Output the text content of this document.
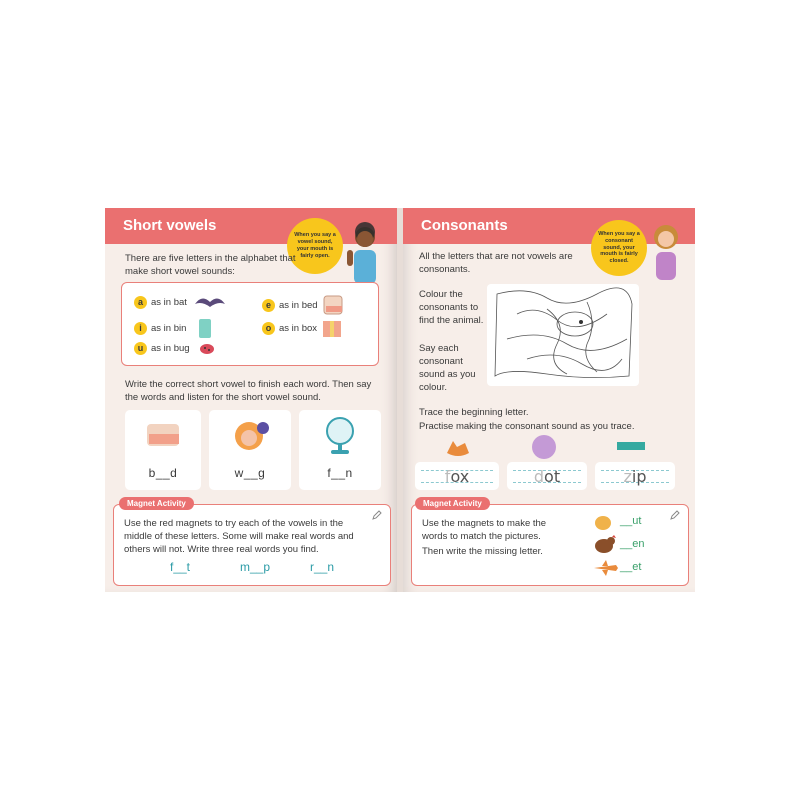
Short vowels
When you say a vowel sound, your mouth is fairly open.
There are five letters in the alphabet that make short vowel sounds:
a as in bat	e as in bed
i as in bin	o as in box
u as in bug
Write the correct short vowel to finish each word. Then say the words and listen for the short vowel sound.
b__d	w__g	f__n
Use the red magnets to try each of the vowels in the middle of these letters. Some will make real words and others will not. Write three real words you find.
f__t	m__p	r__n
Magnet Activity
Consonants	When you say a consonant sound, your mouth is fairly closed.
All the letters that are not vowels are consonants.
Colour the consonants to find the animal.
Say each consonant sound as you colour.
Trace the beginning letter.
Practise making the consonant sound as you trace.
fox	dot	zip
Use the magnets to make the words to match the pictures.
Then write the missing letter.
__ut
__en
__et
Magnet Activity
